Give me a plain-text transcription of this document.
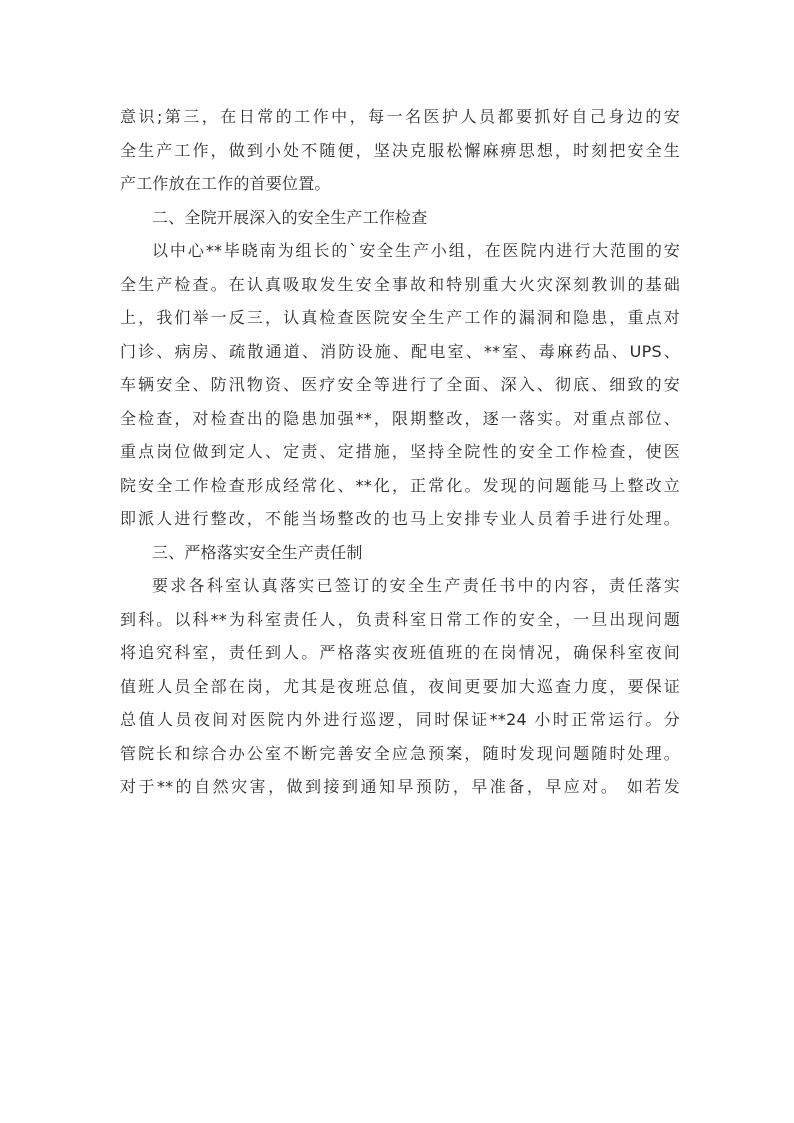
意识;第三，在日常的工作中，每一名医护人员都要抓好自己身边的安
全生产工作，做到小处不随便，坚决克服松懈麻痹思想，时刻把安全生
产工作放在工作的首要位置。
二、全院开展深入的安全生产工作检查
以中心**毕晓南为组长的`安全生产小组，在医院内进行大范围的安
全生产检查。在认真吸取发生安全事故和特别重大火灾深刻教训的基础
上，我们举一反三，认真检查医院安全生产工作的漏洞和隐患，重点对
门诊、病房、疏散通道、消防设施、配电室、**室、毒麻药品、UPS、
车辆安全、防汛物资、医疗安全等进行了全面、深入、彻底、细致的安
全检查，对检查出的隐患加强**，限期整改，逐一落实。对重点部位、
重点岗位做到定人、定责、定措施，坚持全院性的安全工作检查，使医
院安全工作检查形成经常化、**化，正常化。发现的问题能马上整改立
即派人进行整改，不能当场整改的也马上安排专业人员着手进行处理。
三、严格落实安全生产责任制
要求各科室认真落实已签订的安全生产责任书中的内容，责任落实
到科。以科**为科室责任人，负责科室日常工作的安全，一旦出现问题
将追究科室，责任到人。严格落实夜班值班的在岗情况，确保科室夜间
值班人员全部在岗，尤其是夜班总值，夜间更要加大巡查力度，要保证
总值人员夜间对医院内外进行巡逻，同时保证**24 小时正常运行。分
管院长和综合办公室不断完善安全应急预案，随时发现问题随时处理。
对于**的自然灾害，做到接到通知早预防，早准备，早应对。 如若发
